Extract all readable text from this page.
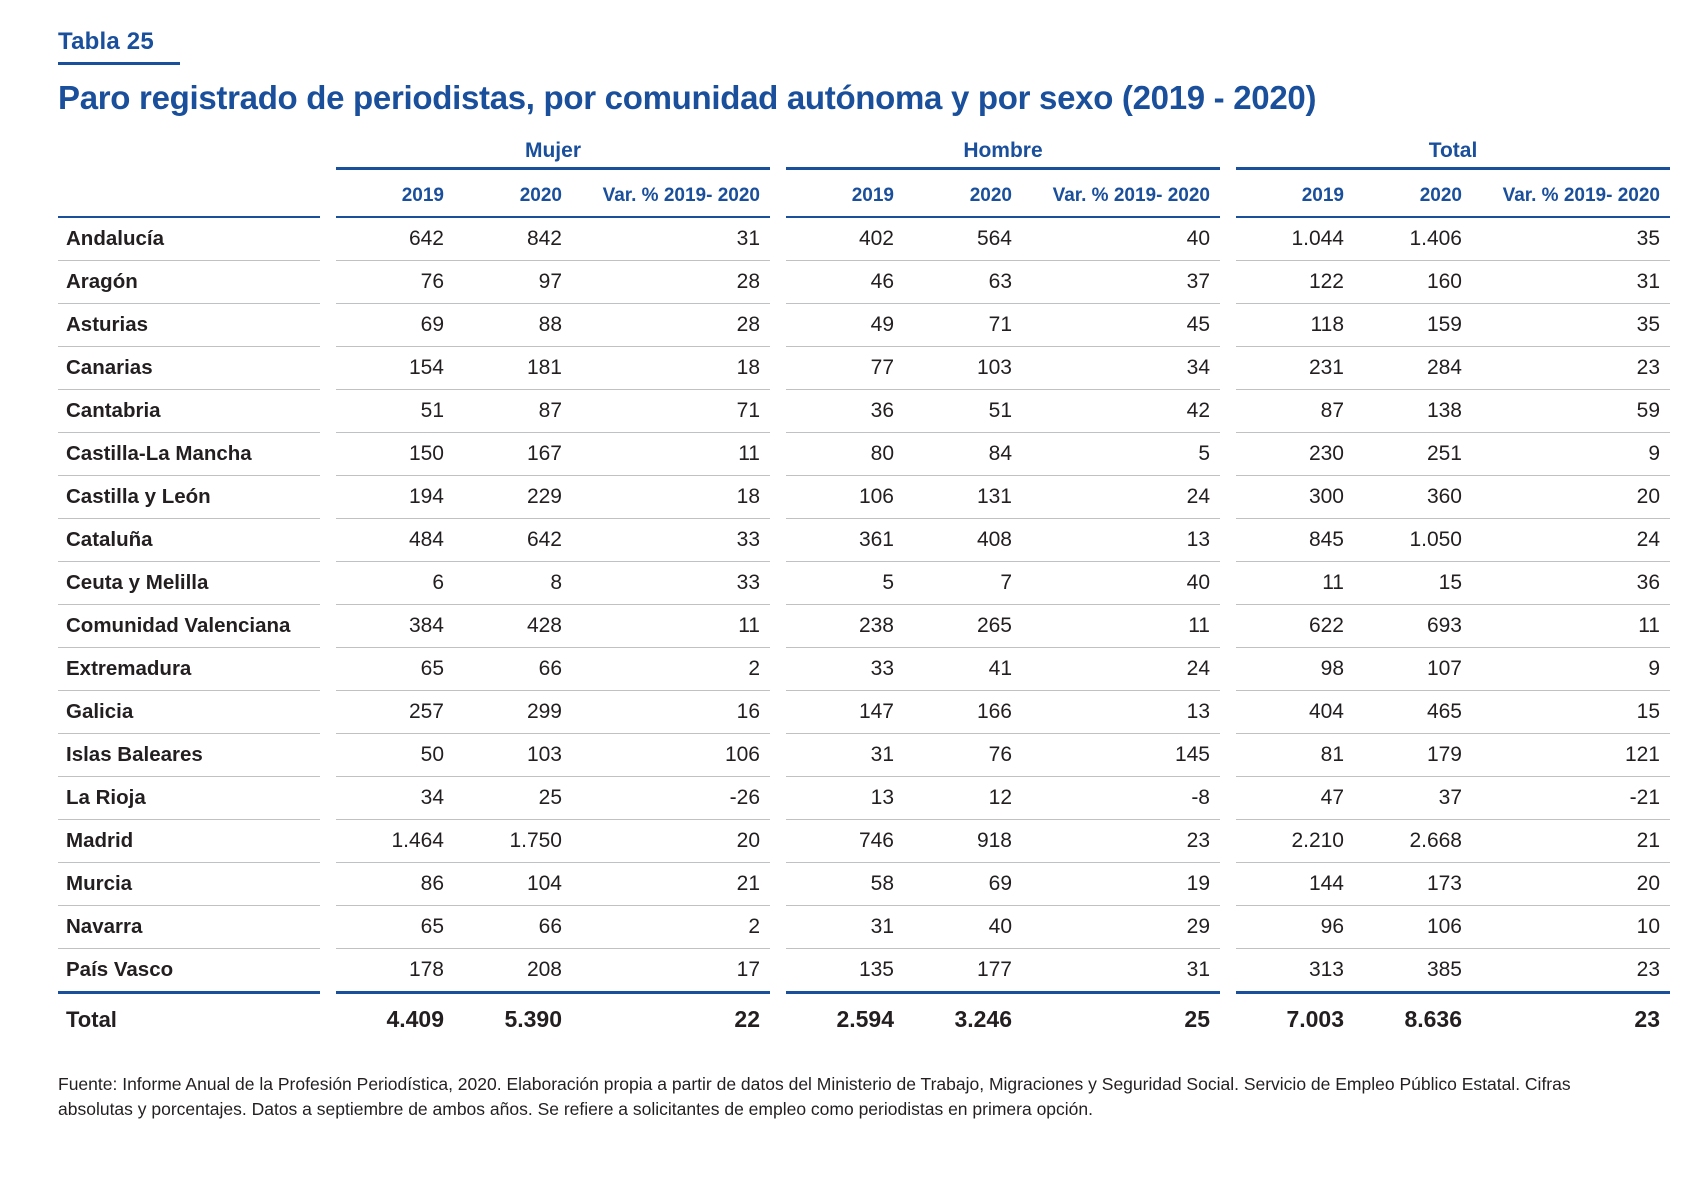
Tabla 25
Paro registrado de periodistas, por comunidad autónoma y por sexo (2019 - 2020)

		Mujer				Hombre				Total		

		2019	2020	Var. % 2019- 2020		2019	2020	Var. % 2019- 2020		2019	2020	Var. % 2019- 2020
Andalucía		642	842	31		402	564	40		1.044	1.406	35
Aragón		76	97	28		46	63	37		122	160	31
Asturias		69	88	28		49	71	45		118	159	35
Canarias		154	181	18		77	103	34		231	284	23
Cantabria		51	87	71		36	51	42		87	138	59
Castilla-La Mancha		150	167	11		80	84	5		230	251	9
Castilla y León		194	229	18		106	131	24		300	360	20
Cataluña		484	642	33		361	408	13		845	1.050	24
Ceuta y Melilla		6	8	33		5	7	40		11	15	36
Comunidad Valenciana		384	428	11		238	265	11		622	693	11
Extremadura		65	66	2		33	41	24		98	107	9
Galicia		257	299	16		147	166	13		404	465	15
Islas Baleares		50	103	106		31	76	145		81	179	121
La Rioja		34	25	-26		13	12	-8		47	37	-21
Madrid		1.464	1.750	20		746	918	23		2.210	2.668	21
Murcia		86	104	21		58	69	19		144	173	20
Navarra		65	66	2		31	40	29		96	106	10
País Vasco		178	208	17		135	177	31		313	385	23
Total		4.409	5.390	22		2.594	3.246	25		7.003	8.636	23
Fuente: Informe Anual de la Profesión Periodística, 2020. Elaboración propia a partir de datos del Ministerio de Trabajo, Migraciones y Seguridad Social. Servicio de Empleo Público Estatal. Cifras absolutas y porcentajes. Datos a septiembre de ambos años. Se refiere a solicitantes de empleo como periodistas en primera opción.
